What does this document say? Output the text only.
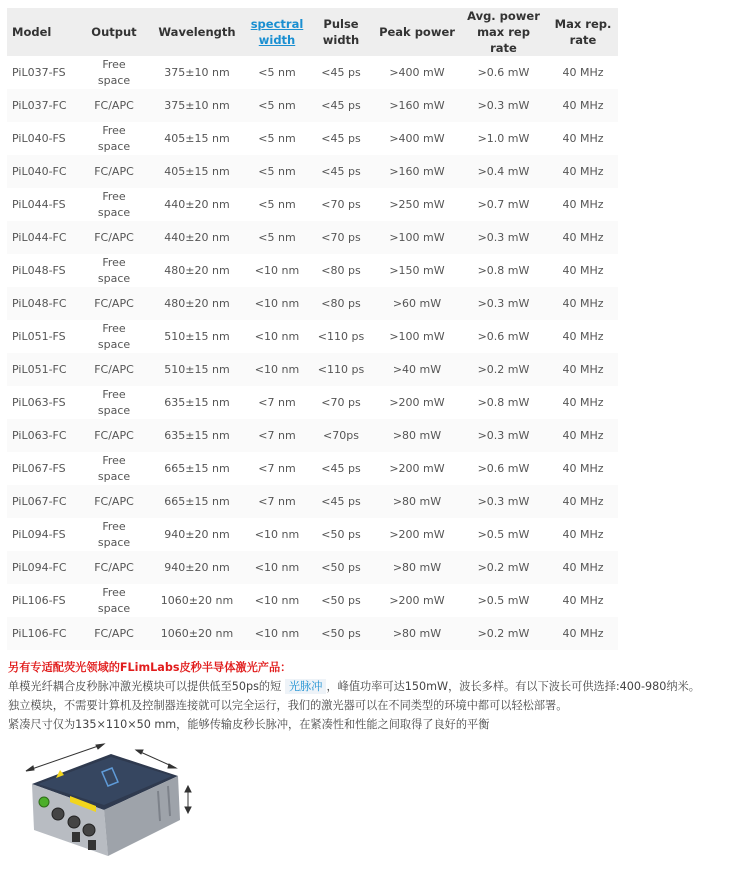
Model	Output	Wavelength	spectral
width	Pulse
width	Peak power	Avg. power
max rep rate	Max rep.
rate
PiL037-FS	Free space	375±10 nm	<5 nm	<45 ps	>400 mW	>0.6 mW	40 MHz
PiL037-FC	FC/APC	375±10 nm	<5 nm	<45 ps	>160 mW	>0.3 mW	40 MHz
PiL040-FS	Free space	405±15 nm	<5 nm	<45 ps	>400 mW	>1.0 mW	40 MHz
PiL040-FC	FC/APC	405±15 nm	<5 nm	<45 ps	>160 mW	>0.4 mW	40 MHz
PiL044-FS	Free space	440±20 nm	<5 nm	<70 ps	>250 mW	>0.7 mW	40 MHz
PiL044-FC	FC/APC	440±20 nm	<5 nm	<70 ps	>100 mW	>0.3 mW	40 MHz
PiL048-FS	Free space	480±20 nm	<10 nm	<80 ps	>150 mW	>0.8 mW	40 MHz
PiL048-FC	FC/APC	480±20 nm	<10 nm	<80 ps	>60 mW	>0.3 mW	40 MHz
PiL051-FS	Free space	510±15 nm	<10 nm	<110 ps	>100 mW	>0.6 mW	40 MHz
PiL051-FC	FC/APC	510±15 nm	<10 nm	<110 ps	>40 mW	>0.2 mW	40 MHz
PiL063-FS	Free space	635±15 nm	<7 nm	<70 ps	>200 mW	>0.8 mW	40 MHz
PiL063-FC	FC/APC	635±15 nm	<7 nm	<70ps	>80 mW	>0.3 mW	40 MHz
PiL067-FS	Free space	665±15 nm	<7 nm	<45 ps	>200 mW	>0.6 mW	40 MHz
PiL067-FC	FC/APC	665±15 nm	<7 nm	<45 ps	>80 mW	>0.3 mW	40 MHz
PiL094-FS	Free space	940±20 nm	<10 nm	<50 ps	>200 mW	>0.5 mW	40 MHz
PiL094-FC	FC/APC	940±20 nm	<10 nm	<50 ps	>80 mW	>0.2 mW	40 MHz
PiL106-FS	Free space	1060±20 nm	<10 nm	<50 ps	>200 mW	>0.5 mW	40 MHz
PiL106-FC	FC/APC	1060±20 nm	<10 nm	<50 ps	>80 mW	>0.2 mW	40 MHz

另有专适配荧光领域的FLimLabs皮秒半导体激光产品：

单模光纤耦合皮秒脉冲激光模块可以提供低至50ps的短 光脉冲 ，峰值功率可达150mW，波长多样。有以下波长可供选择:400-980纳米。

独立模块，不需要计算机及控制器连接就可以完全运行，我们的激光器可以在不同类型的环境中都可以轻松部署。

紧凑尺寸仅为135×110×50 mm，能够传输皮秒长脉冲，在紧凑性和性能之间取得了良好的平衡
